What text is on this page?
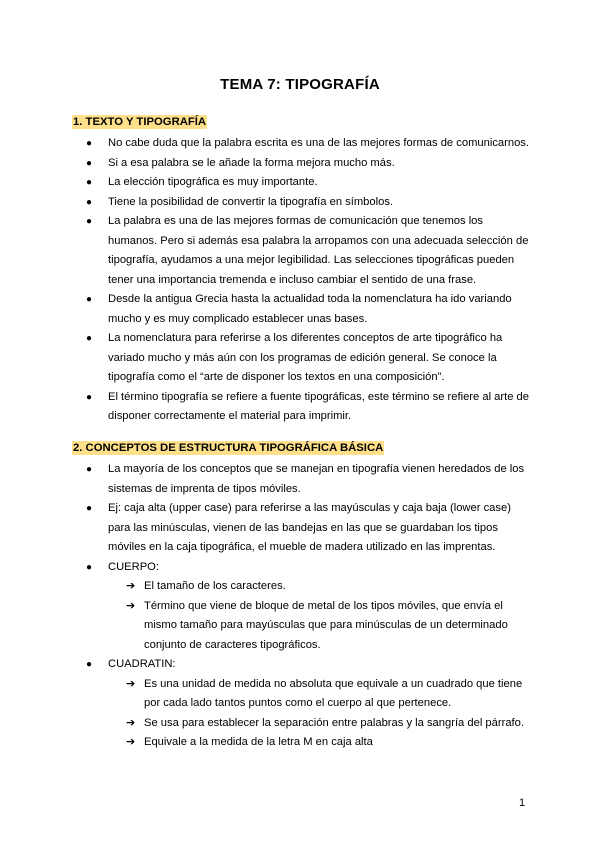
TEMA 7: TIPOGRAFÍA
1. TEXTO Y TIPOGRAFÍA
● No cabe duda que la palabra escrita es una de las mejores formas de comunicarnos.
● Si a esa palabra se le añade la forma mejora mucho más.
● La elección tipográfica es muy importante.
● Tiene la posibilidad de convertir la tipografía en símbolos.
● La palabra es una de las mejores formas de comunicación que tenemos los humanos. Pero si además esa palabra la arropamos con una adecuada selección de tipografía, ayudamos a una mejor legibilidad. Las selecciones tipográficas pueden tener una importancia tremenda e incluso cambiar el sentido de una frase.
● Desde la antigua Grecia hasta la actualidad toda la nomenclatura ha ido variando mucho y es muy complicado establecer unas bases.
● La nomenclatura para referirse a los diferentes conceptos de arte tipográfico ha variado mucho y más aún con los programas de edición general. Se conoce la tipografía como el “arte de disponer los textos en una composición”.
● El término tipografía se refiere a fuente tipográficas, este término se refiere al arte de disponer correctamente el material para imprimir.
2. CONCEPTOS DE ESTRUCTURA TIPOGRÁFICA BÁSICA
● La mayoría de los conceptos que se manejan en tipografía vienen heredados de los sistemas de imprenta de tipos móviles.
● Ej: caja alta (upper case) para referirse a las mayúsculas y caja baja (lower case) para las minúsculas, vienen de las bandejas en las que se guardaban los tipos móviles en la caja tipográfica, el mueble de madera utilizado en las imprentas.
● CUERPO:
➔ El tamaño de los caracteres.
➔ Término que viene de bloque de metal de los tipos móviles, que envía el mismo tamaño para mayúsculas que para minúsculas de un determinado conjunto de caracteres tipográficos.
● CUADRATIN:
➔ Es una unidad de medida no absoluta que equivale a un cuadrado que tiene por cada lado tantos puntos como el cuerpo al que pertenece.
➔ Se usa para establecer la separación entre palabras y la sangría del párrafo.
➔ Equivale a la medida de la letra M en caja alta
1
